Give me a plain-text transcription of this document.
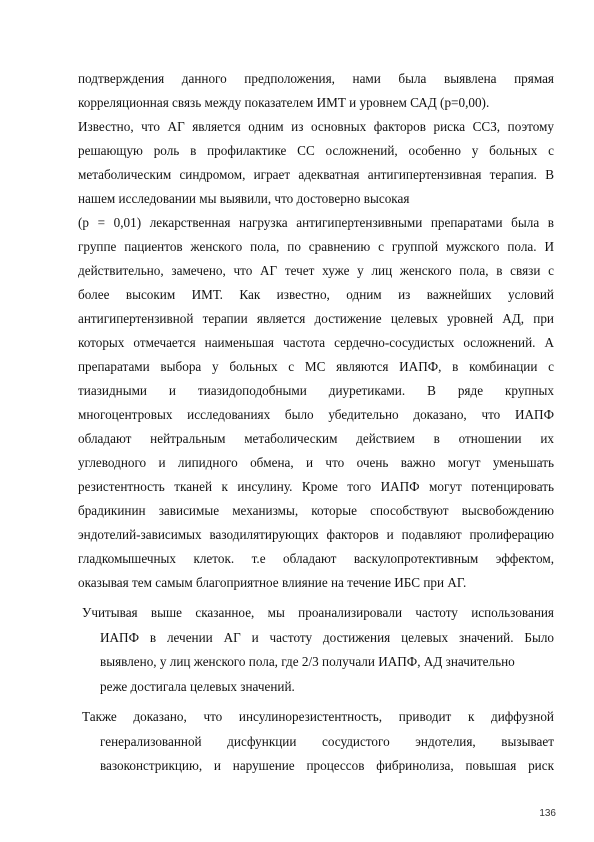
подтверждения данного предположения, нами была выявлена прямая
корреляционная связь между показателем ИМТ и уровнем САД (р=0,00).
Известно, что АГ является одним из основных факторов риска ССЗ, поэтому
решающую роль в профилактике СС осложнений, особенно у больных с
метаболическим синдромом, играет адекватная антигипертензивная терапия. В
нашем исследовании мы выявили, что достоверно высокая
(р = 0,01) лекарственная нагрузка антигипертензивными препаратами была в
группе пациентов женского пола, по сравнению с группой мужского пола. И
действительно, замечено, что АГ течет хуже у лиц женского пола, в связи с
более высоким ИМТ. Как известно, одним из важнейших условий
антигипертензивной терапии является достижение целевых уровней АД, при
которых отмечается наименьшая частота сердечно-сосудистых осложнений. А
препаратами выбора у больных с МС являются ИАПФ, в комбинации с
тиазидными и тиазидоподобными диуретиками. В ряде крупных
многоцентровых исследованиях было убедительно доказано, что ИАПФ
обладают нейтральным метаболическим действием в отношении их
углеводного и липидного обмена, и что очень важно могут уменьшать
резистентность тканей к инсулину. Кроме того ИАПФ могут потенцировать
брадикинин зависимые механизмы, которые способствуют высвобождению
эндотелий-зависимых вазодилятирующих факторов и подавляют пролиферацию
гладкомышечных клеток. т.е обладают васкулопротективным эффектом,
оказывая тем самым благоприятное влияние на течение ИБС при АГ.
Учитывая выше сказанное, мы проанализировали частоту использования
ИАПФ в лечении АГ и частоту достижения целевых значений. Было
выявлено, у лиц женского пола, где 2/3 получали ИАПФ, АД значительно
реже достигала целевых значений.
Также доказано, что инсулинорезистентность, приводит к диффузной
генерализованной дисфункции сосудистого эндотелия, вызывает
вазоконстрикцию, и нарушение процессов фибринолиза, повышая риск
136
